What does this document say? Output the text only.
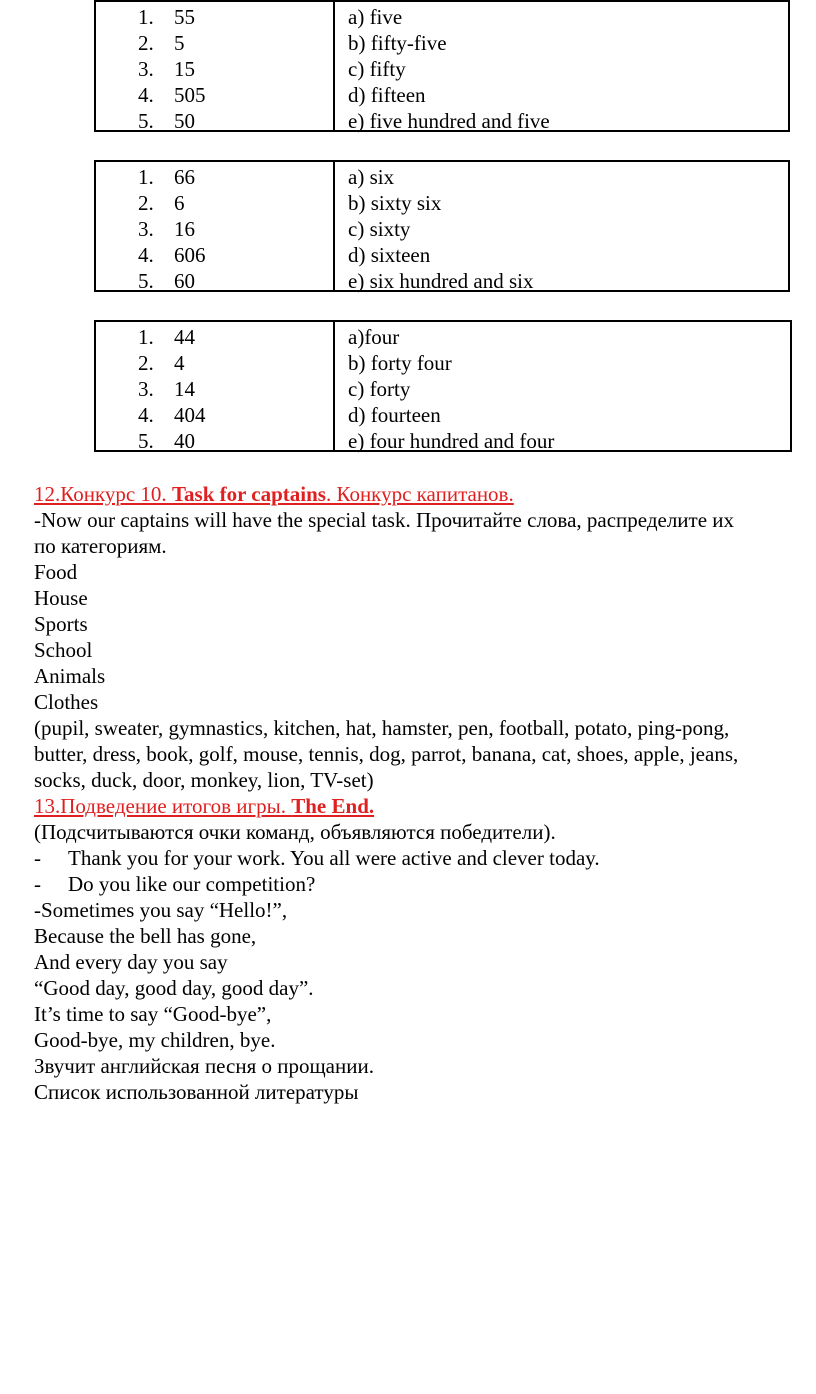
1. 55	a) five
2. 5	b) fifty-five
3. 15	c) fifty
4. 505	d) fifteen
5. 50	e) five hundred and five
1. 66	a) six
2. 6	b) sixty six
3. 16	c) sixty
4. 606	d) sixteen
5. 60	e) six hundred and six
1. 44	a)four
2. 4	b) forty four
3. 14	c) forty
4. 404	d) fourteen
5. 40	e) four hundred and four
12.Конкурс 10. Task for captains. Конкурс капитанов.
-Now our captains will have the special task. Прочитайте слова, распределите их
по категориям.
Food
House
Sports
School
Animals
Clothes
(pupil, sweater, gymnastics, kitchen, hat, hamster, pen, football, potato, ping-pong,
butter, dress, book, golf, mouse, tennis, dog, parrot, banana, cat, shoes, apple, jeans,
socks, duck, door, monkey, lion, TV-set)
13.Подведение итогов игры. The End.
(Подсчитываются очки команд, объявляются победители).
- Thank you for your work. You all were active and clever today.
- Do you like our competition?
-Sometimes you say “Hello!”,
Because the bell has gone,
And every day you say
“Good day, good day, good day”.
It’s time to say “Good-bye”,
Good-bye, my children, bye.
Звучит английская песня о прощании.
Список использованной литературы
